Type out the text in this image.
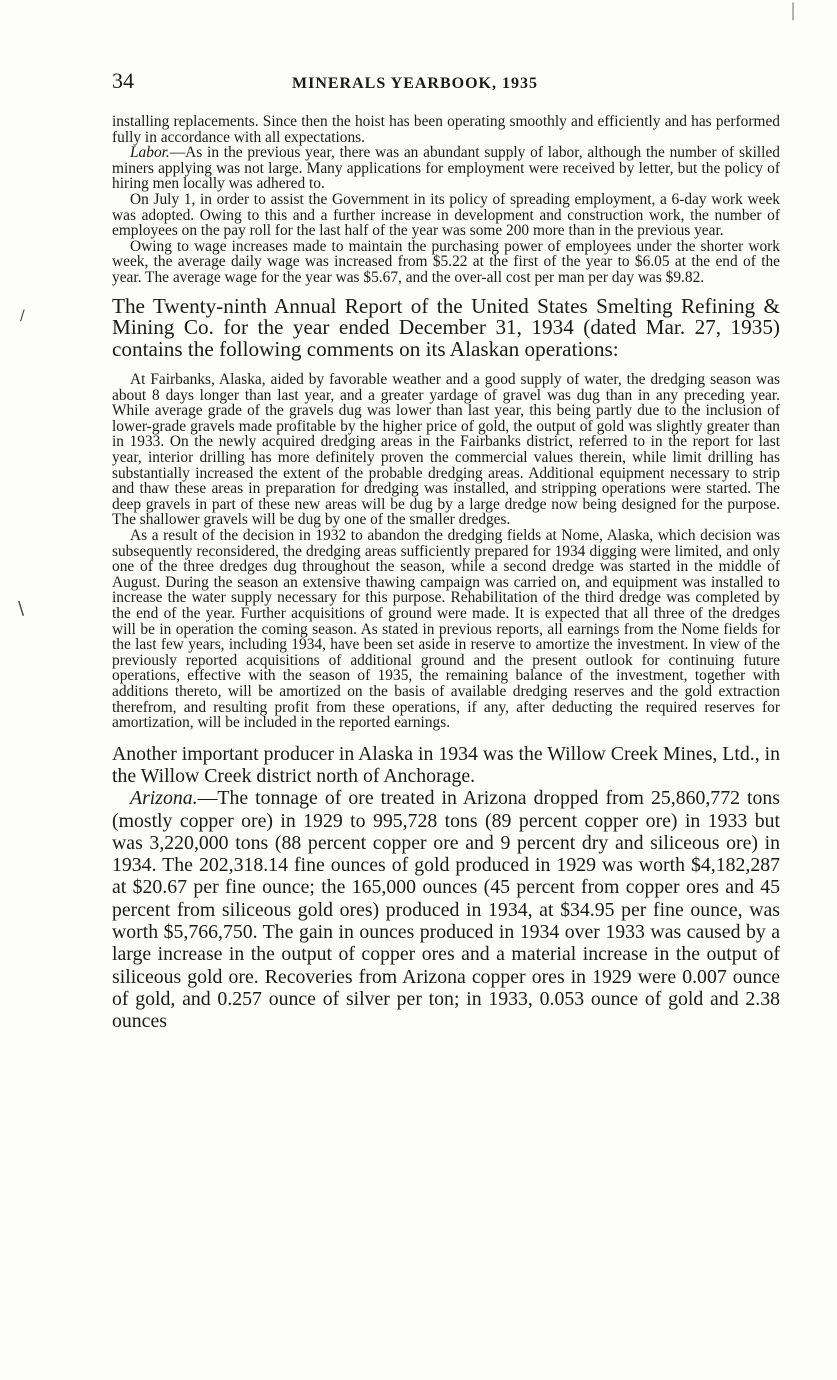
/
\
|
34	MINERALS YEARBOOK, 1935

installing replacements. Since then the hoist has been operating smoothly and efficiently and has performed fully in accordance with all expectations.

Labor.—As in the previous year, there was an abundant supply of labor, although the number of skilled miners applying was not large. Many applications for employment were received by letter, but the policy of hiring men locally was adhered to.

On July 1, in order to assist the Government in its policy of spreading employment, a 6-day work week was adopted. Owing to this and a further increase in development and construction work, the number of employees on the pay roll for the last half of the year was some 200 more than in the previous year.

Owing to wage increases made to maintain the purchasing power of employees under the shorter work week, the average daily wage was increased from $5.22 at the first of the year to $6.05 at the end of the year. The average wage for the year was $5.67, and the over-all cost per man per day was $9.82.

The Twenty-ninth Annual Report of the United States Smelting Refining & Mining Co. for the year ended December 31, 1934 (dated Mar. 27, 1935) contains the following comments on its Alaskan operations:

At Fairbanks, Alaska, aided by favorable weather and a good supply of water, the dredging season was about 8 days longer than last year, and a greater yardage of gravel was dug than in any preceding year. While average grade of the gravels dug was lower than last year, this being partly due to the inclusion of lower-grade gravels made profitable by the higher price of gold, the output of gold was slightly greater than in 1933. On the newly acquired dredging areas in the Fairbanks district, referred to in the report for last year, interior drilling has more definitely proven the commercial values therein, while limit drilling has substantially increased the extent of the probable dredging areas. Additional equipment necessary to strip and thaw these areas in preparation for dredging was installed, and stripping operations were started. The deep gravels in part of these new areas will be dug by a large dredge now being designed for the purpose. The shallower gravels will be dug by one of the smaller dredges.

As a result of the decision in 1932 to abandon the dredging fields at Nome, Alaska, which decision was subsequently reconsidered, the dredging areas sufficiently prepared for 1934 digging were limited, and only one of the three dredges dug throughout the season, while a second dredge was started in the middle of August. During the season an extensive thawing campaign was carried on, and equipment was installed to increase the water supply necessary for this purpose. Rehabilitation of the third dredge was completed by the end of the year. Further acquisitions of ground were made. It is expected that all three of the dredges will be in operation the coming season. As stated in previous reports, all earnings from the Nome fields for the last few years, including 1934, have been set aside in reserve to amortize the investment. In view of the previously reported acquisitions of additional ground and the present outlook for continuing future operations, effective with the season of 1935, the remaining balance of the investment, together with additions thereto, will be amortized on the basis of available dredging reserves and the gold extraction therefrom, and resulting profit from these operations, if any, after deducting the required reserves for amortization, will be included in the reported earnings.

Another important producer in Alaska in 1934 was the Willow Creek Mines, Ltd., in the Willow Creek district north of Anchorage.

Arizona.—The tonnage of ore treated in Arizona dropped from 25,860,772 tons (mostly copper ore) in 1929 to 995,728 tons (89 percent copper ore) in 1933 but was 3,220,000 tons (88 percent copper ore and 9 percent dry and siliceous ore) in 1934. The 202,318.14 fine ounces of gold produced in 1929 was worth $4,182,287 at $20.67 per fine ounce; the 165,000 ounces (45 percent from copper ores and 45 percent from siliceous gold ores) produced in 1934, at $34.95 per fine ounce, was worth $5,766,750. The gain in ounces produced in 1934 over 1933 was caused by a large increase in the output of copper ores and a material increase in the output of siliceous gold ore. Recoveries from Arizona copper ores in 1929 were 0.007 ounce of gold, and 0.257 ounce of silver per ton; in 1933, 0.053 ounce of gold and 2.38 ounces
